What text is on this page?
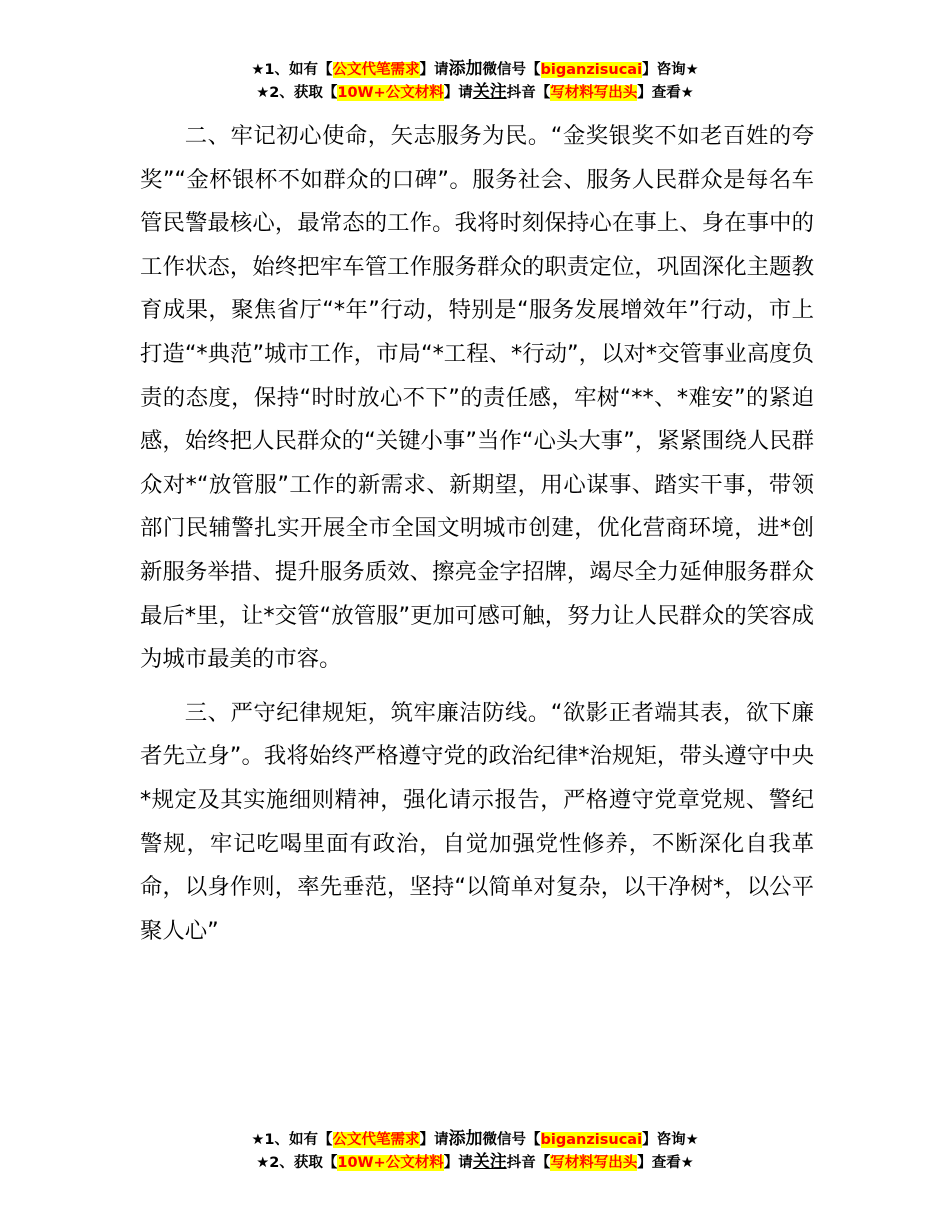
★1、如有【公文代笔需求】请添加微信号【biganzisucai】咨询★
★2、获取【10W+公文材料】请关注抖音【写材料写出头】查看★

二、牢记初心使命，矢志服务为民。“金奖银奖不如老百姓的夸奖”“金杯银杯不如群众的口碑”。服务社会、服务人民群众是每名车管民警最核心，最常态的工作。我将时刻保持心在事上、身在事中的工作状态，始终把牢车管工作服务群众的职责定位，巩固深化主题教育成果，聚焦省厅“*年”行动，特别是“服务发展增效年”行动，市上打造“*典范”城市工作，市局“*工程、*行动”，以对*交管事业高度负责的态度，保持“时时放心不下”的责任感，牢树“**、*难安”的紧迫感，始终把人民群众的“关键小事”当作“心头大事”，紧紧围绕人民群众对*“放管服”工作的新需求、新期望，用心谋事、踏实干事，带领部门民辅警扎实开展全市全国文明城市创建，优化营商环境，进*创新服务举措、提升服务质效、擦亮金字招牌，竭尽全力延伸服务群众最后*里，让*交管“放管服”更加可感可触，努力让人民群众的笑容成为城市最美的市容。

三、严守纪律规矩，筑牢廉洁防线。“欲影正者端其表，欲下廉者先立身”。我将始终严格遵守党的政治纪律*治规矩，带头遵守中央*规定及其实施细则精神，强化请示报告，严格遵守党章党规、警纪警规，牢记吃喝里面有政治，自觉加强党性修养，不断深化自我革命，以身作则，率先垂范，坚持“以简单对复杂，以干净树*，以公平聚人心”

★1、如有【公文代笔需求】请添加微信号【biganzisucai】咨询★
★2、获取【10W+公文材料】请关注抖音【写材料写出头】查看★
